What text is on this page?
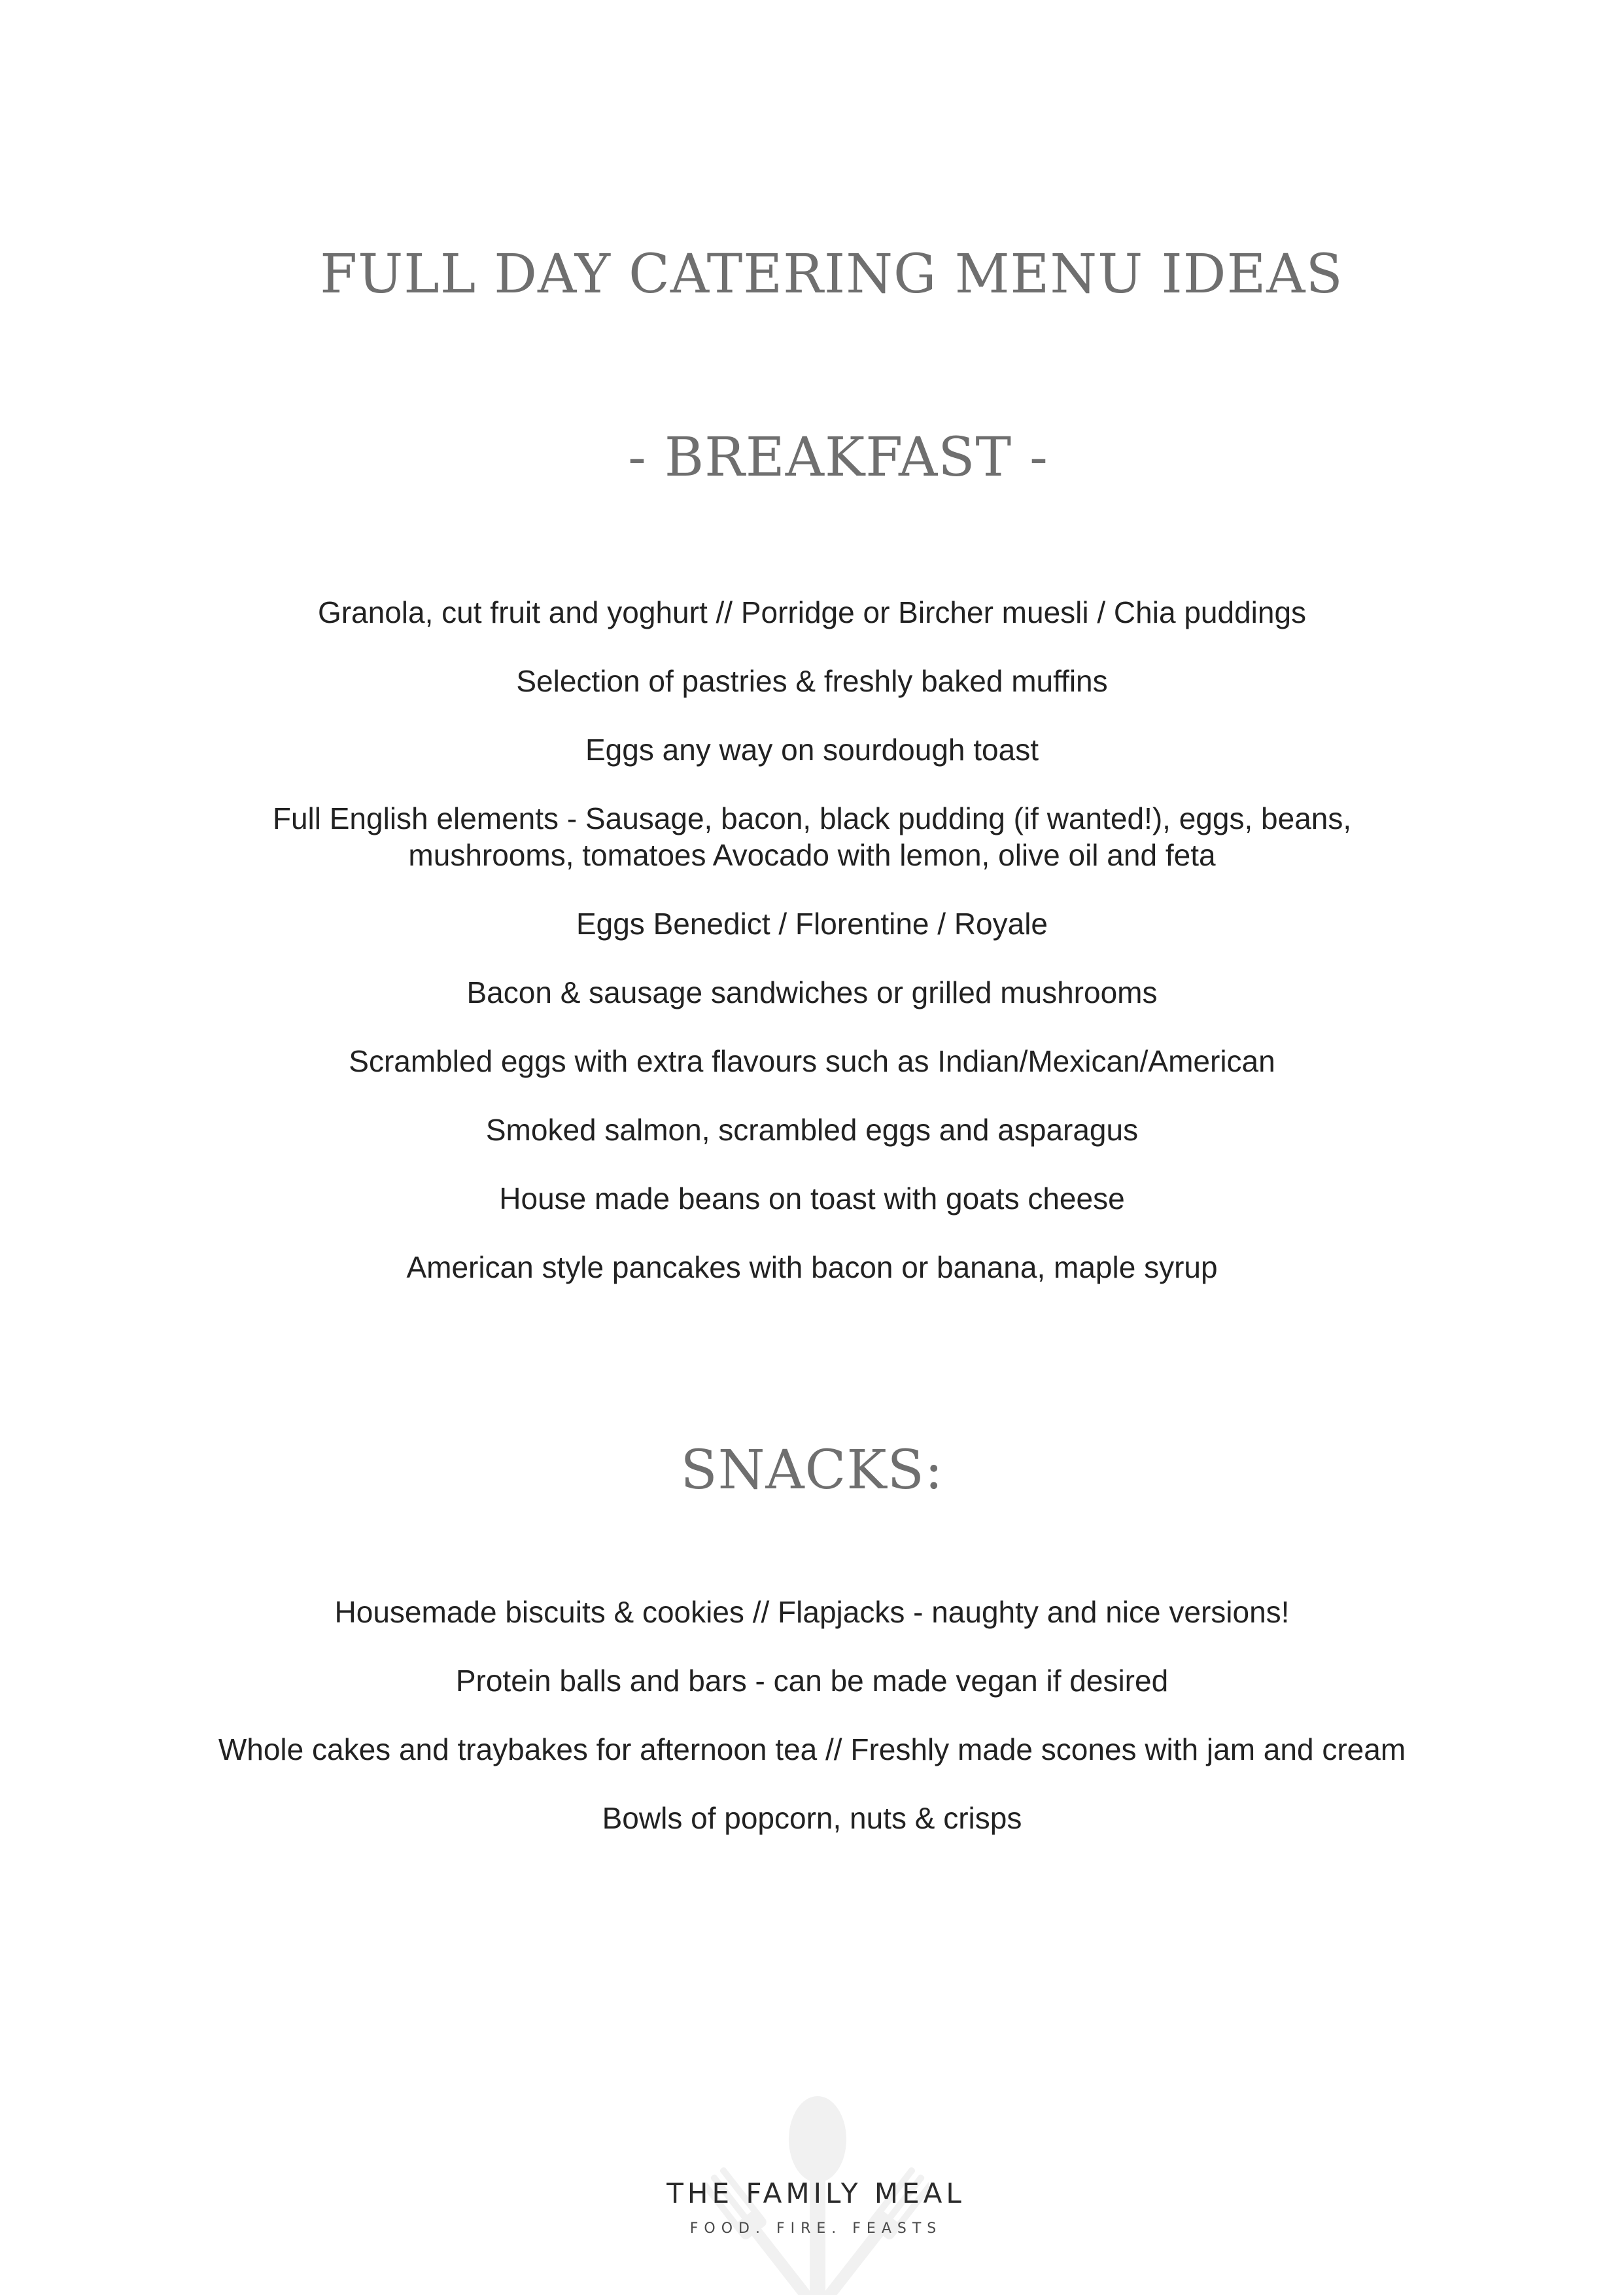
FULL DAY CATERING MENU IDEAS
- BREAKFAST -
Granola, cut fruit and yoghurt // Porridge or Bircher muesli / Chia puddings
Selection of pastries & freshly baked muffins
Eggs any way on sourdough toast
Full English elements - Sausage, bacon, black pudding (if wanted!), eggs, beans, mushrooms, tomatoes Avocado with lemon, olive oil and feta
Eggs Benedict / Florentine / Royale
Bacon & sausage sandwiches or grilled mushrooms
Scrambled eggs with extra flavours such as Indian/Mexican/American
Smoked salmon, scrambled eggs and asparagus
House made beans on toast with goats cheese
American style pancakes with bacon or banana, maple syrup
SNACKS:
Housemade biscuits & cookies // Flapjacks - naughty and nice versions!
Protein balls and bars - can be made vegan if desired
Whole cakes and traybakes for afternoon tea // Freshly made scones with jam and cream
Bowls of popcorn, nuts & crisps
THE FAMILY MEAL
FOOD. FIRE. FEASTS
